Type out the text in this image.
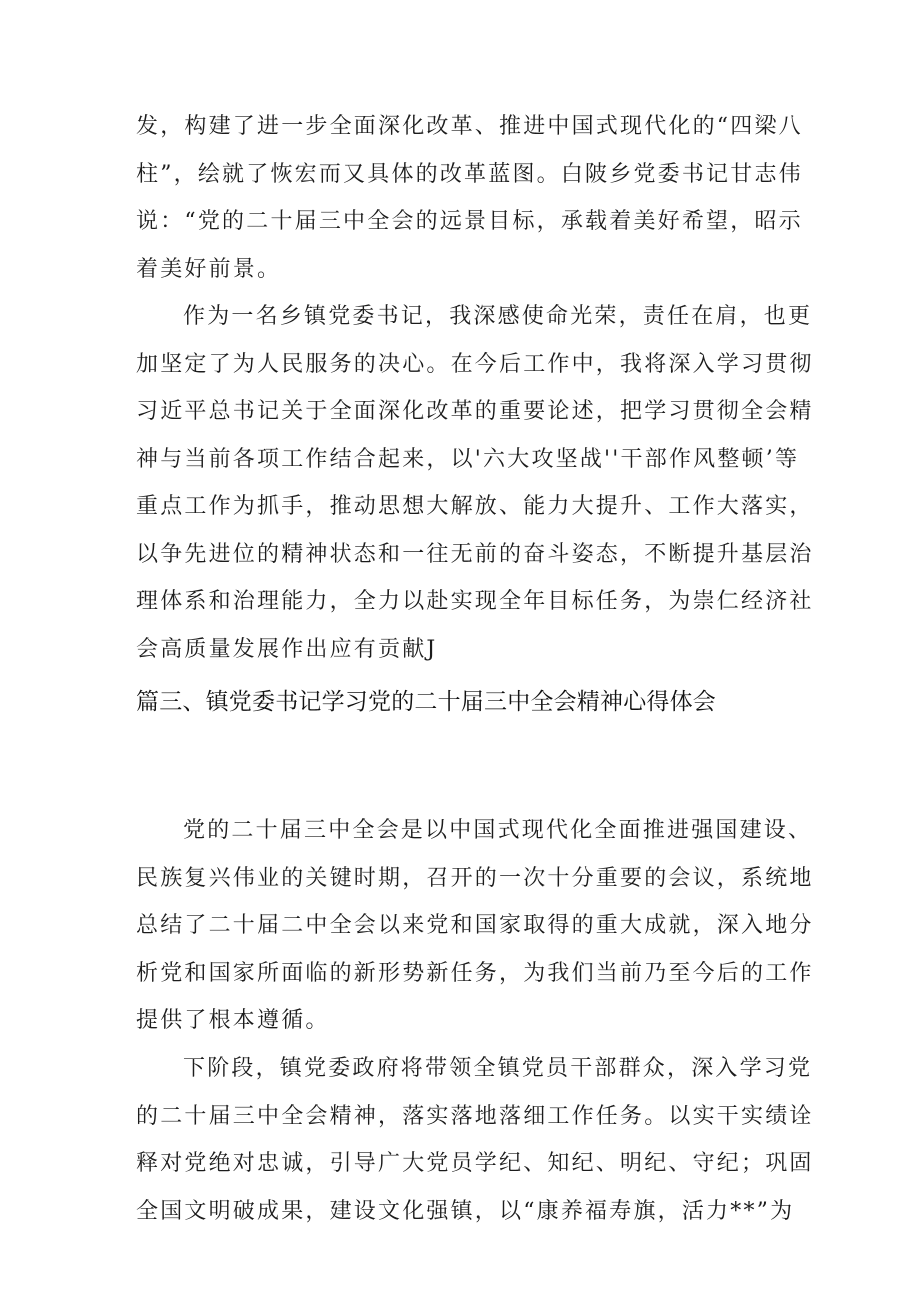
发，构建了进一步全面深化改革、推进中国式现代化的“四梁八
柱”，绘就了恢宏而又具体的改革蓝图。白陂乡党委书记甘志伟
说：“党的二十届三中全会的远景目标，承载着美好希望，昭示
着美好前景。
作为一名乡镇党委书记，我深感使命光荣，责任在肩，也更
加坚定了为人民服务的决心。在今后工作中，我将深入学习贯彻
习近平总书记关于全面深化改革的重要论述，把学习贯彻全会精
神与当前各项工作结合起来，以'六大攻坚战''干部作风整顿’等
重点工作为抓手，推动思想大解放、能力大提升、工作大落实，
以争先进位的精神状态和一往无前的奋斗姿态，不断提升基层治
理体系和治理能力，全力以赴实现全年目标任务，为崇仁经济社
会高质量发展作出应有贡献J
篇三、镇党委书记学习党的二十届三中全会精神心得体会
党的二十届三中全会是以中国式现代化全面推进强国建设、
民族复兴伟业的关键时期，召开的一次十分重要的会议，系统地
总结了二十届二中全会以来党和国家取得的重大成就，深入地分
析党和国家所面临的新形势新任务，为我们当前乃至今后的工作
提供了根本遵循。
下阶段，镇党委政府将带领全镇党员干部群众，深入学习党
的二十届三中全会精神，落实落地落细工作任务。以实干实绩诠
释对党绝对忠诚，引导广大党员学纪、知纪、明纪、守纪；巩固
全国文明破成果，建设文化强镇，以“康养福寿旗，活力**”为
